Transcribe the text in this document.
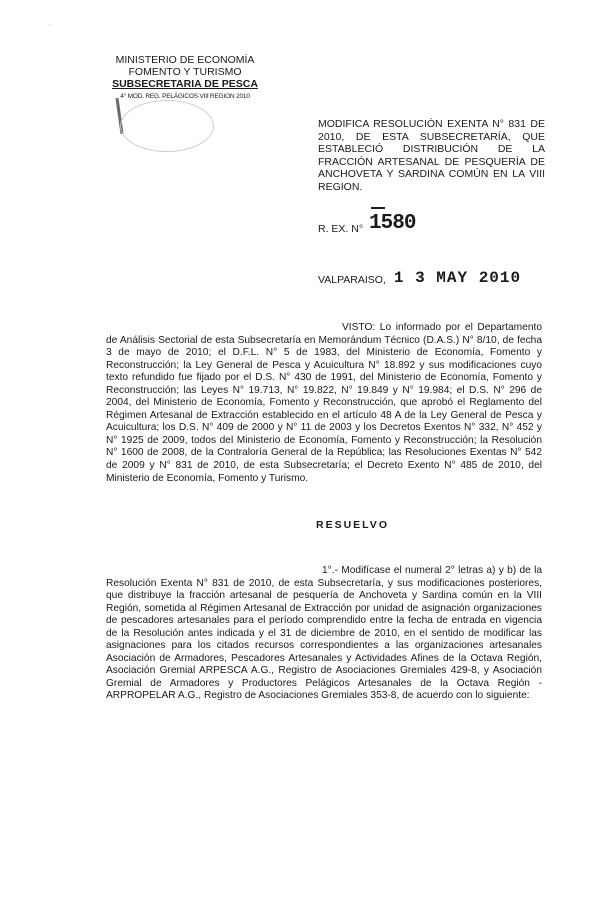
·
MINISTERIO DE ECONOMÍA
FOMENTO Y TURISMO
SUBSECRETARIA DE PESCA
4° MOD. REG. PELÁGICOS VIII REGION 2010
MODIFICA RESOLUCIÓN EXENTA N° 831 DE 2010, DE ESTA SUBSECRETARÍA, QUE ESTABLECIÓ DISTRIBUCIÓN DE LA FRACCIÓN ARTESANAL DE PESQUERÍA DE ANCHOVETA Y SARDINA COMÚN EN LA VIII REGION.
R. EX. N° 1580
VALPARAISO, 1 3 MAY 2010
VISTO: Lo informado por el Departamento de Análisis Sectorial de esta Subsecretaría en Memorándum Técnico (D.A.S.) N° 8/10, de fecha 3 de mayo de 2010; el D.F.L. N° 5 de 1983, del Ministerio de Economía, Fomento y Reconstrucción; la Ley General de Pesca y Acuicultura N° 18.892 y sus modificaciones cuyo texto refundido fue fijado por el D.S. N° 430 de 1991, del Ministerio de Economía, Fomento y Reconstrucción; las Leyes N° 19.713, N° 19.822, N° 19.849 y N° 19.984; el D.S. N° 296 de 2004, del Ministerio de Economía, Fomento y Reconstrucción, que aprobó el Reglamento del Régimen Artesanal de Extracción establecido en el artículo 48 A de la Ley General de Pesca y Acuicultura; los D.S. N° 409 de 2000 y N° 11 de 2003 y los Decretos Exentos N° 332, N° 452 y N° 1925 de 2009, todos del Ministerio de Economía, Fomento y Reconstrucción; la Resolución N° 1600 de 2008, de la Contraloría General de la República; las Resoluciones Exentas N° 542 de 2009 y N° 831 de 2010, de esta Subsecretaría; el Decreto Exento N° 485 de 2010, del Ministerio de Economía, Fomento y Turismo.
RESUELVO
1°.- Modifícase el numeral 2° letras a) y b) de la Resolución Exenta N° 831 de 2010, de esta Subsecretaría, y sus modificaciones posteriores, que distribuye la fracción artesanal de pesquería de Anchoveta y Sardina común en la VIII Región, sometida al Régimen Artesanal de Extracción por unidad de asignación organizaciones de pescadores artesanales para el período comprendido entre la fecha de entrada en vigencia de la Resolución antes indicada y el 31 de diciembre de 2010, en el sentido de modificar las asignaciones para los citados recursos correspondientes a las organizaciones artesanales Asociación de Armadores, Pescadores Artesanales y Actividades Afines de la Octava Región, Asociación Gremial ARPESCA A.G., Registro de Asociaciones Gremiales 429-8, y Asociación Gremial de Armadores y Productores Pelágicos Artesanales de la Octava Región - ARPROPELAR A.G., Registro de Asociaciones Gremiales 353-8, de acuerdo con lo siguiente:
